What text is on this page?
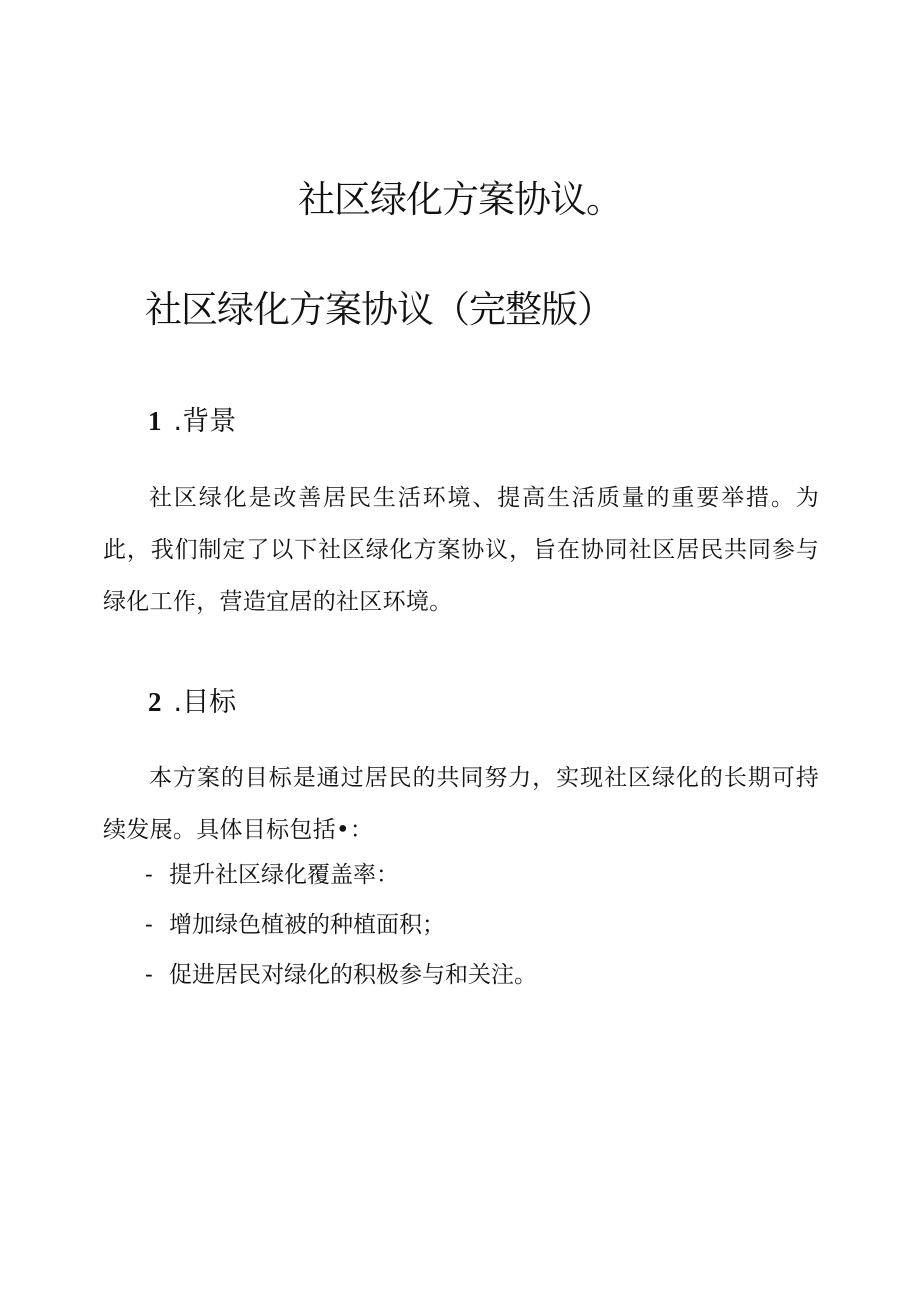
社区绿化方案协议。
社区绿化方案协议（完整版）
1 .背景

社区绿化是改善居民生活环境、提高生活质量的重要举措。为此，我们制定了以下社区绿化方案协议，旨在协同社区居民共同参与绿化工作，营造宜居的社区环境。

2 .目标

本方案的目标是通过居民的共同努力，实现社区绿化的长期可持续发展。具体目标包括•：

- 提升社区绿化覆盖率：
- 增加绿色植被的种植面积；
- 促进居民对绿化的积极参与和关注。
